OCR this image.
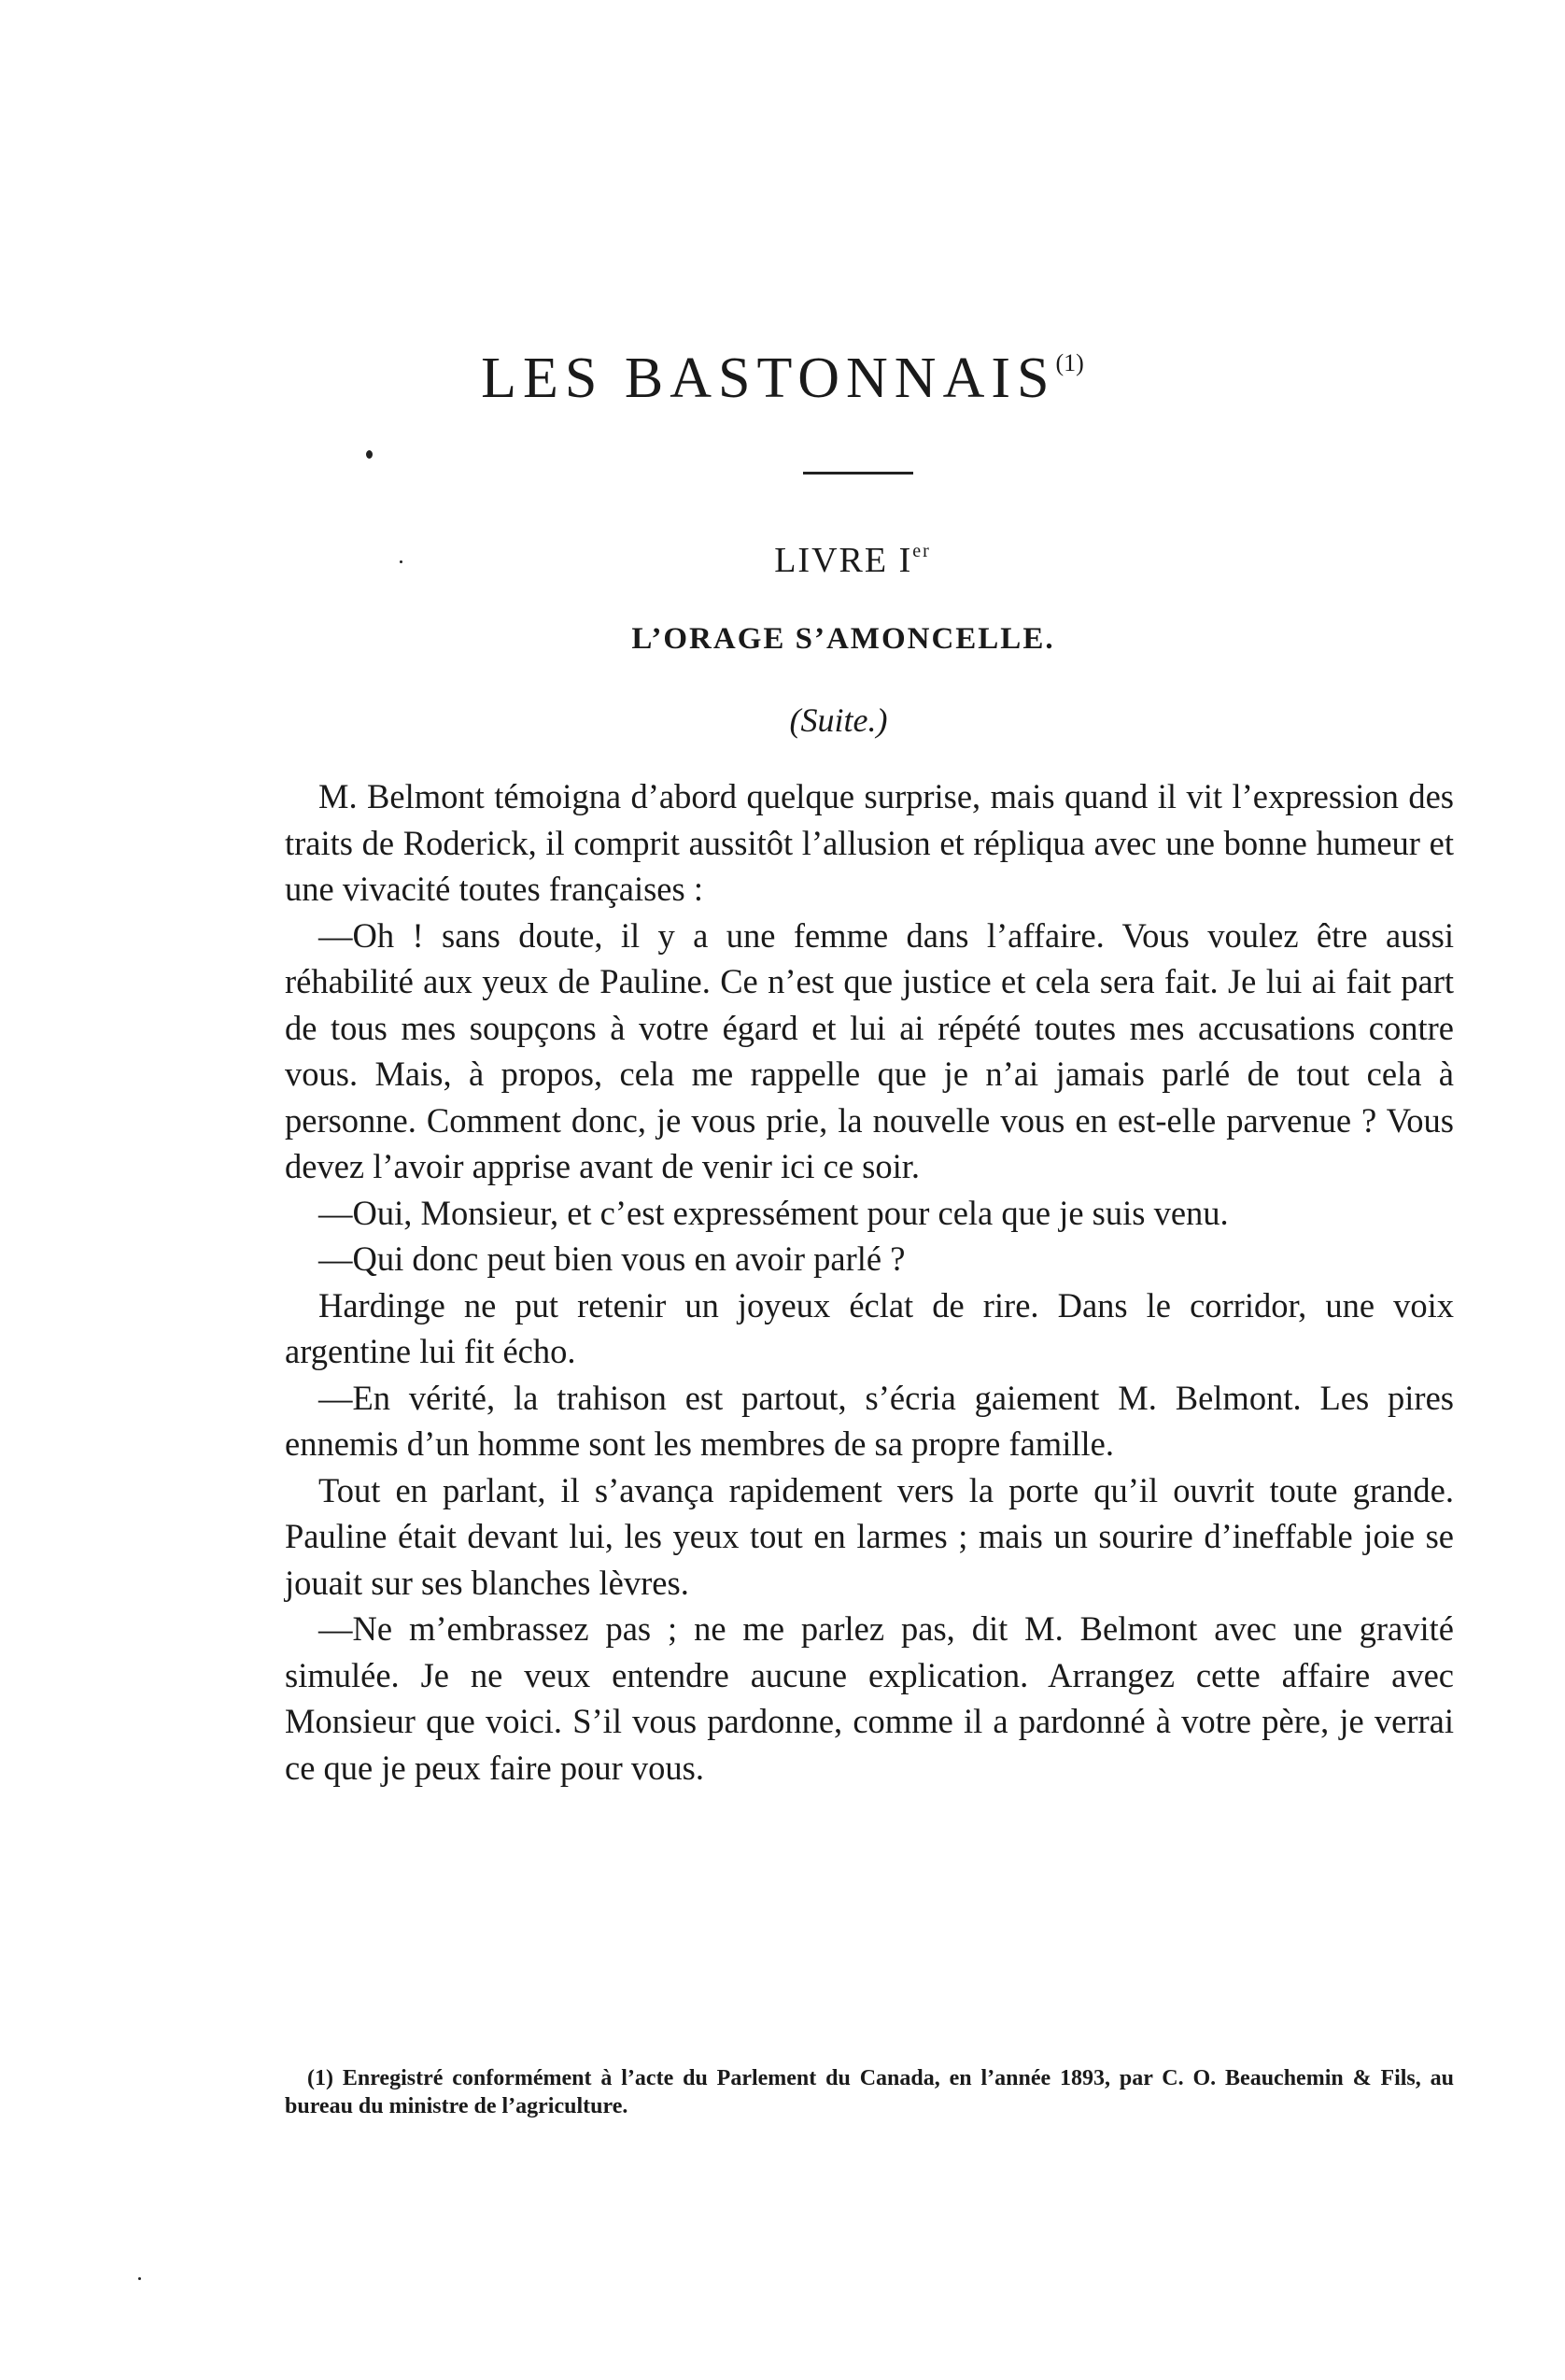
LES BASTONNAIS$^{(1)}$
LIVRE Ier
L’ORAGE S’AMONCELLE.
(Suite.)

M. Belmont témoigna d’abord quelque surprise, mais quand il vit l’expression des traits de Roderick, il comprit aussitôt l’allusion et répliqua avec une bonne humeur et une vivacité toutes françaises :

—Oh ! sans doute, il y a une femme dans l’affaire. Vous voulez être aussi réhabilité aux yeux de Pauline. Ce n’est que justice et cela sera fait. Je lui ai fait part de tous mes soupçons à votre égard et lui ai répété toutes mes accusations contre vous. Mais, à propos, cela me rappelle que je n’ai jamais parlé de tout cela à personne. Comment donc, je vous prie, la nouvelle vous en est-elle parvenue ? Vous devez l’avoir apprise avant de venir ici ce soir.

—Oui, Monsieur, et c’est expressément pour cela que je suis venu.

—Qui donc peut bien vous en avoir parlé ?

Hardinge ne put retenir un joyeux éclat de rire. Dans le corridor, une voix argentine lui fit écho.

—En vérité, la trahison est partout, s’écria gaiement M. Belmont. Les pires ennemis d’un homme sont les membres de sa propre famille.

Tout en parlant, il s’avança rapidement vers la porte qu’il ouvrit toute grande. Pauline était devant lui, les yeux tout en larmes ; mais un sourire d’ineffable joie se jouait sur ses blanches lèvres.

—Ne m’embrassez pas ; ne me parlez pas, dit M. Belmont avec une gravité simulée. Je ne veux entendre aucune explication. Arrangez cette affaire avec Monsieur que voici. S’il vous pardonne, comme il a pardonné à votre père, je verrai ce que je peux faire pour vous.

(1) Enregistré conformément à l’acte du Parlement du Canada, en l’année 1893, par C. O. Beauchemin & Fils, au bureau du ministre de l’agriculture.
